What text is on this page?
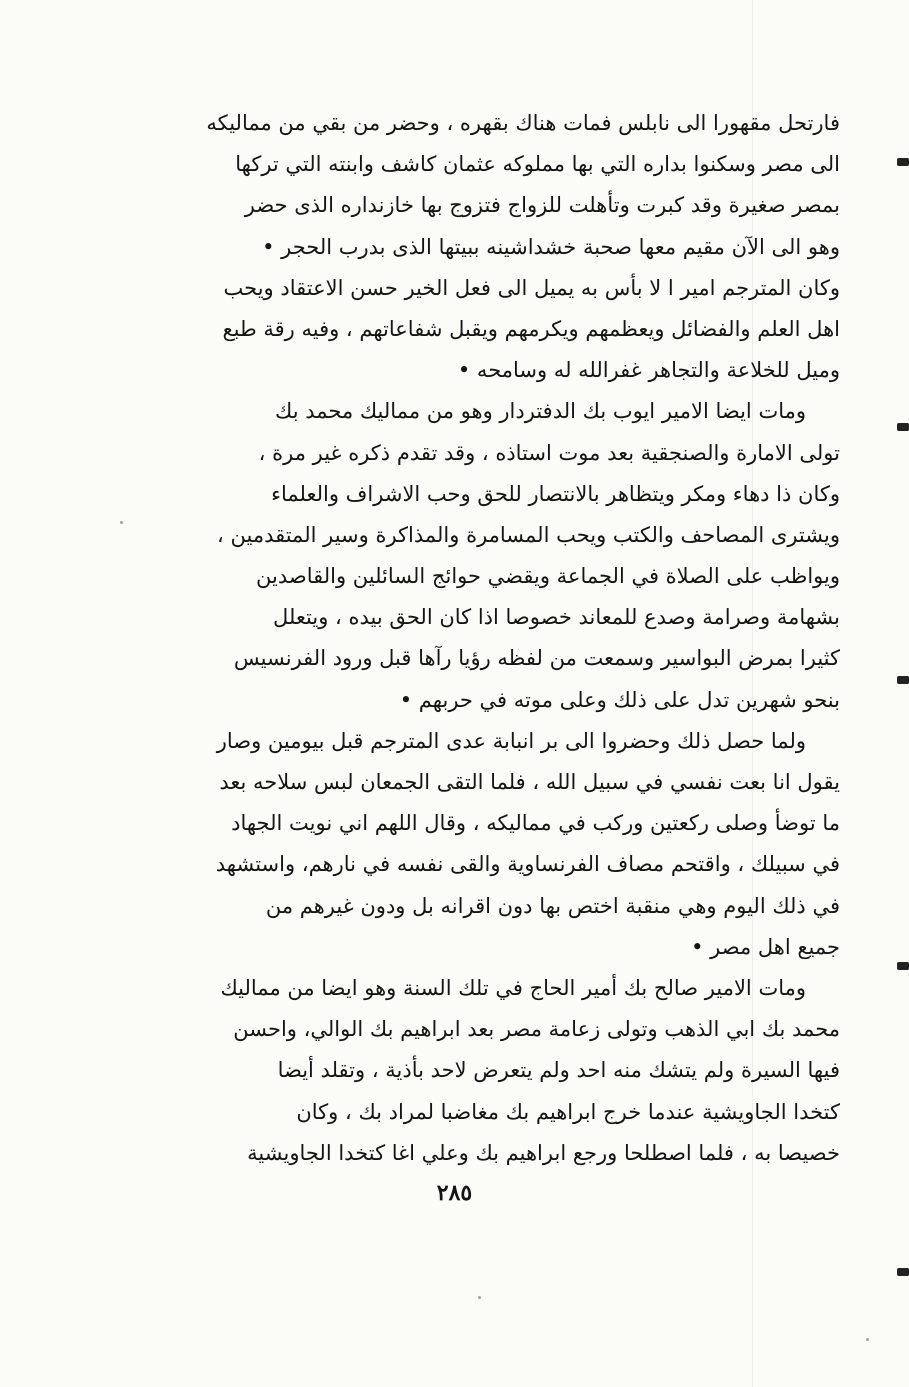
فارتحل مقهورا الى نابلس فمات هناك بقهره ، وحضر من بقي من مماليكه
الى مصر وسكنوا بداره التي بها مملوكه عثمان كاشف وابنته التي تركها
بمصر صغيرة وقد كبرت وتأهلت للزواج فتزوج بها خازنداره الذى حضر
وهو الى الآن مقيم معها صحبة خشداشينه ببيتها الذى بدرب الحجر •
وكان المترجم امير ا لا بأس به يميل الى فعل الخير حسن الاعتقاد ويحب
اهل العلم والفضائل ويعظمهم ويكرمهم ويقبل شفاعاتهم ، وفيه رقة طبع
وميل للخلاعة والتجاهر غفرالله له وسامحه •
ومات ايضا الامير ايوب بك الدفتردار وهو من مماليك محمد بك
تولى الامارة والصنجقية بعد موت استاذه ، وقد تقدم ذكره غير مرة ،
وكان ذا دهاء ومكر ويتظاهر بالانتصار للحق وحب الاشراف والعلماء
ويشترى المصاحف والكتب ويحب المسامرة والمذاكرة وسير المتقدمين ،
ويواظب على الصلاة في الجماعة ويقضي حوائج السائلين والقاصدين
بشهامة وصرامة وصدع للمعاند خصوصا اذا كان الحق بيده ، ويتعلل
كثيرا بمرض البواسير وسمعت من لفظه رؤيا رآها قبل ورود الفرنسيس
بنحو شهرين تدل على ذلك وعلى موته في حربهم •
ولما حصل ذلك وحضروا الى بر انبابة عدى المترجم قبل بيومين وصار
يقول انا بعت نفسي في سبيل الله ، فلما التقى الجمعان لبس سلاحه بعد
ما توضأ وصلى ركعتين وركب في مماليكه ، وقال اللهم اني نويت الجهاد
في سبيلك ، واقتحم مصاف الفرنساوية والقى نفسه في نارهم، واستشهد
في ذلك اليوم وهي منقبة اختص بها دون اقرانه بل ودون غيرهم من
جميع اهل مصر •
ومات الامير صالح بك أمير الحاج في تلك السنة وهو ايضا من مماليك
محمد بك ابي الذهب وتولى زعامة مصر بعد ابراهيم بك الوالي، واحسن
فيها السيرة ولم يتشك منه احد ولم يتعرض لاحد بأذية ، وتقلد أيضا
كتخدا الجاويشية عندما خرج ابراهيم بك مغاضبا لمراد بك ، وكان
خصيصا به ، فلما اصطلحا ورجع ابراهيم بك وعلي اغا كتخدا الجاويشية
٢٨٥
